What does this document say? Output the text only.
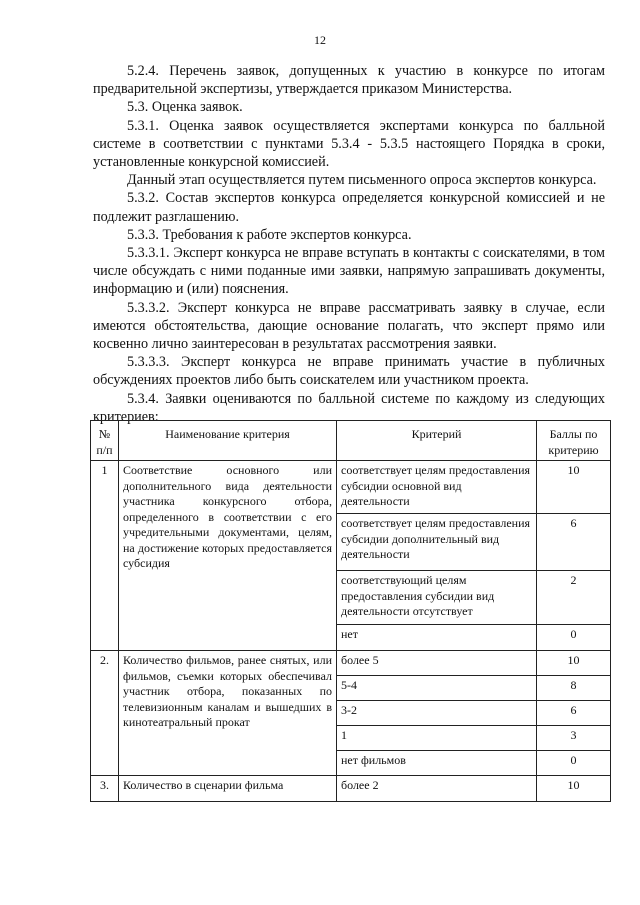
12

5.2.4. Перечень заявок, допущенных к участию в конкурсе по итогам предварительной экспертизы, утверждается приказом Министерства.

5.3. Оценка заявок.

5.3.1. Оценка заявок осуществляется экспертами конкурса по балльной системе в соответствии с пунктами 5.3.4 - 5.3.5 настоящего Порядка в сроки, установленные конкурсной комиссией.

Данный этап осуществляется путем письменного опроса экспертов конкурса.

5.3.2. Состав экспертов конкурса определяется конкурсной комиссией и не подлежит разглашению.

5.3.3. Требования к работе экспертов конкурса.

5.3.3.1. Эксперт конкурса не вправе вступать в контакты с соискателями, в том числе обсуждать с ними поданные ими заявки, напрямую запрашивать документы, информацию и (или) пояснения.

5.3.3.2. Эксперт конкурса не вправе рассматривать заявку в случае, если имеются обстоятельства, дающие основание полагать, что эксперт прямо или косвенно лично заинтересован в результатах рассмотрения заявки.

5.3.3.3. Эксперт конкурса не вправе принимать участие в публичных обсуждениях проектов либо быть соискателем или участником проекта.

5.3.4. Заявки оцениваются по балльной системе по каждому из следующих критериев:

№ п/п	Наименование критерия	Критерий	Баллы по критерию
1	Соответствие основного или дополнительного вида деятельности участника конкурсного отбора, определенного в соответствии с его учредительными документами, целям, на достижение которых предоставляется субсидия	соответствует целям предоставления субсидии основной вид деятельности	10
		соответствует целям предоставления субсидии дополнительный вид деятельности	6
		соответствующий целям предоставления субсидии вид деятельности отсутствует	2
		нет	0
2.	Количество фильмов, ранее снятых, или фильмов, съемки которых обеспечивал участник отбора, показанных по телевизионным каналам и вышедших в кинотеатральный прокат	более 5	10
		5-4	8
		3-2	6
		1	3
		нет фильмов	0
3.	Количество в сценарии фильма	более 2	10
